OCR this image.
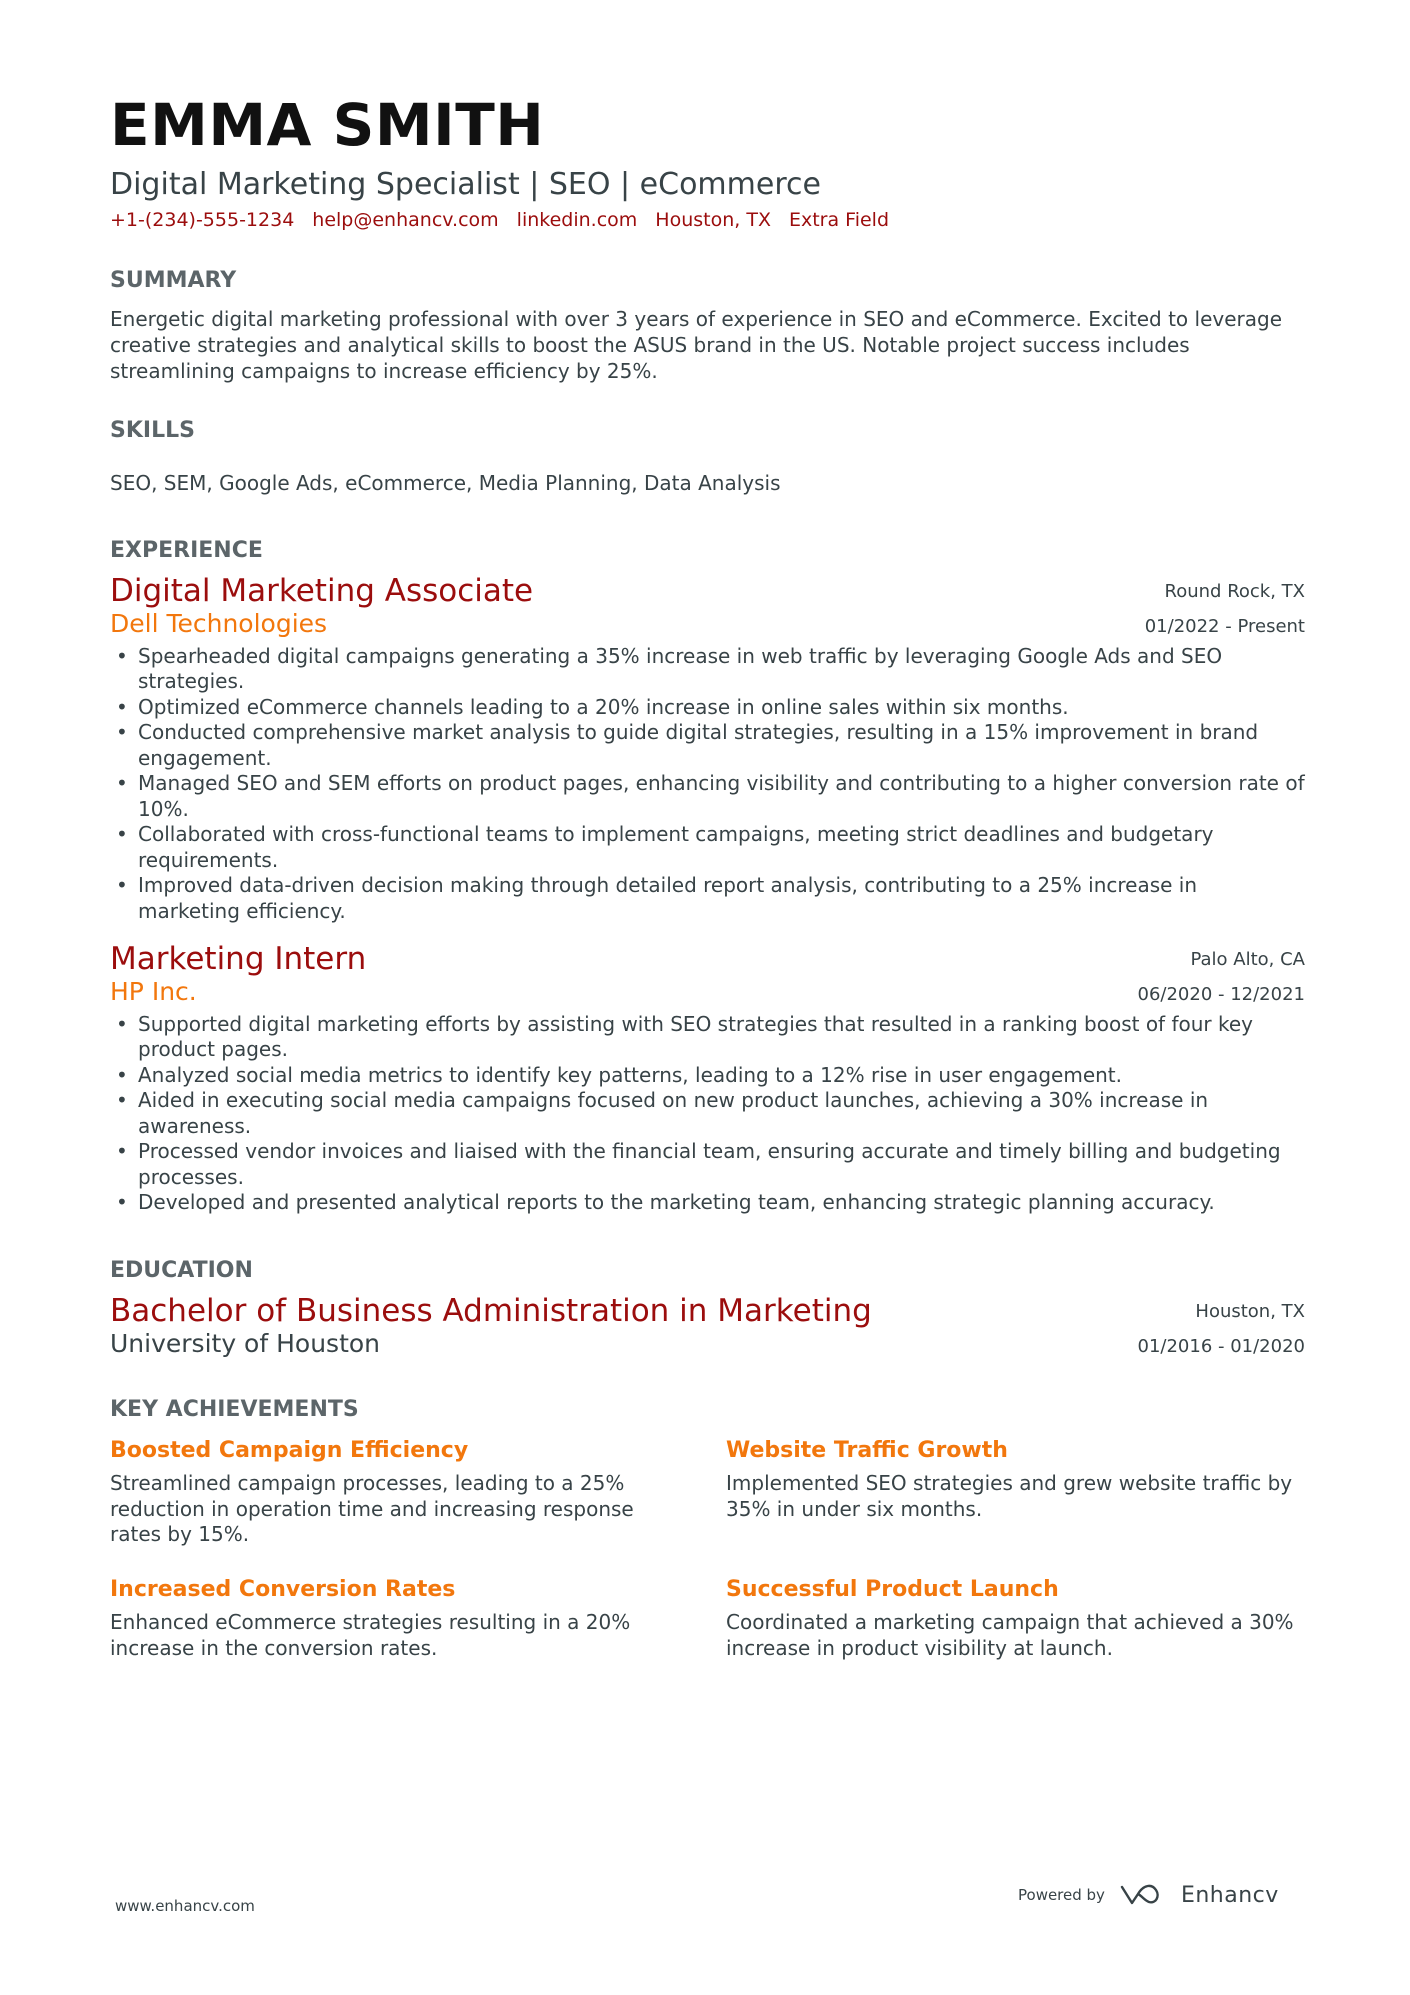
EMMA SMITH
Digital Marketing Specialist | SEO | eCommerce
+1-(234)-555-1234 help@enhancv.com linkedin.com Houston, TX Extra Field
SUMMARY
Energetic digital marketing professional with over 3 years of experience in SEO and eCommerce. Excited to leverage creative strategies and analytical skills to boost the ASUS brand in the US. Notable project success includes streamlining campaigns to increase efficiency by 25%.
SKILLS
SEO, SEM, Google Ads, eCommerce, Media Planning, Data Analysis
EXPERIENCE
Digital Marketing Associate
Dell Technologies
Round Rock, TX
01/2022 - Present
• Spearheaded digital campaigns generating a 35% increase in web traffic by leveraging Google Ads and SEO strategies.
• Optimized eCommerce channels leading to a 20% increase in online sales within six months.
• Conducted comprehensive market analysis to guide digital strategies, resulting in a 15% improvement in brand engagement.
• Managed SEO and SEM efforts on product pages, enhancing visibility and contributing to a higher conversion rate of 10%.
• Collaborated with cross-functional teams to implement campaigns, meeting strict deadlines and budgetary requirements.
• Improved data-driven decision making through detailed report analysis, contributing to a 25% increase in marketing efficiency.
Marketing Intern
HP Inc.
Palo Alto, CA
06/2020 - 12/2021
• Supported digital marketing efforts by assisting with SEO strategies that resulted in a ranking boost of four key product pages.
• Analyzed social media metrics to identify key patterns, leading to a 12% rise in user engagement.
• Aided in executing social media campaigns focused on new product launches, achieving a 30% increase in awareness.
• Processed vendor invoices and liaised with the financial team, ensuring accurate and timely billing and budgeting processes.
• Developed and presented analytical reports to the marketing team, enhancing strategic planning accuracy.
EDUCATION
Bachelor of Business Administration in Marketing
University of Houston
Houston, TX
01/2016 - 01/2020
KEY ACHIEVEMENTS
Boosted Campaign Efficiency
Streamlined campaign processes, leading to a 25% reduction in operation time and increasing response rates by 15%.
Website Traffic Growth
Implemented SEO strategies and grew website traffic by 35% in under six months.
Increased Conversion Rates
Enhanced eCommerce strategies resulting in a 20% increase in the conversion rates.
Successful Product Launch
Coordinated a marketing campaign that achieved a 30% increase in product visibility at launch.
www.enhancv.com
Powered by	Enhancv
